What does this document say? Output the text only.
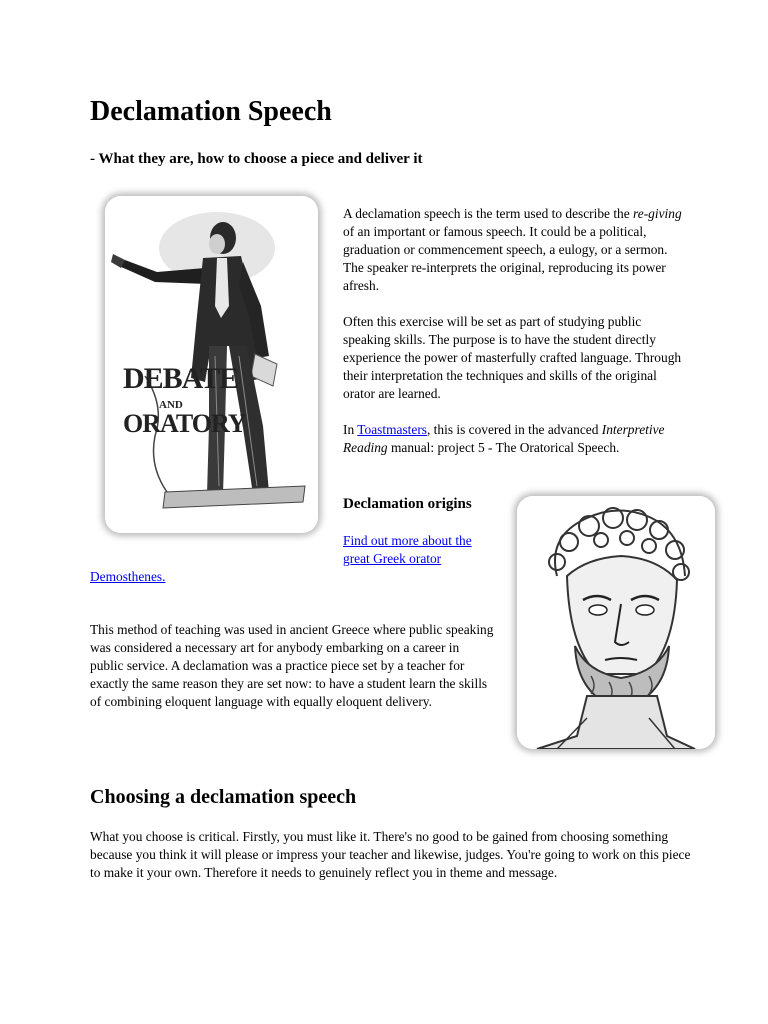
Declamation Speech
- What they are, how to choose a piece and deliver it
DEBATE
AND
ORATORY

A declamation speech is the term used to describe the re-giving of an important or famous speech. It could be a political, graduation or commencement speech, a eulogy, or a sermon. The speaker re-interprets the original, reproducing its power afresh.

Often this exercise will be set as part of studying public speaking skills. The purpose is to have the student directly experience the power of masterfully crafted language. Through their interpretation the techniques and skills of the original orator are learned.

In Toastmasters, this is covered in the advanced Interpretive Reading manual: project 5 - The Oratorical Speech.

Declamation origins
Find out more about the
great Greek orator
Demosthenes.

This method of teaching was used in ancient Greece where public speaking was considered a necessary art for anybody embarking on a career in public service. A declamation was a practice piece set by a teacher for exactly the same reason they are set now: to have a student learn the skills of combining eloquent language with equally eloquent delivery.

Choosing a declamation speech

What you choose is critical. Firstly, you must like it. There's no good to be gained from choosing something because you think it will please or impress your teacher and likewise, judges. You're going to work on this piece to make it your own. Therefore it needs to genuinely reflect you in theme and message.
